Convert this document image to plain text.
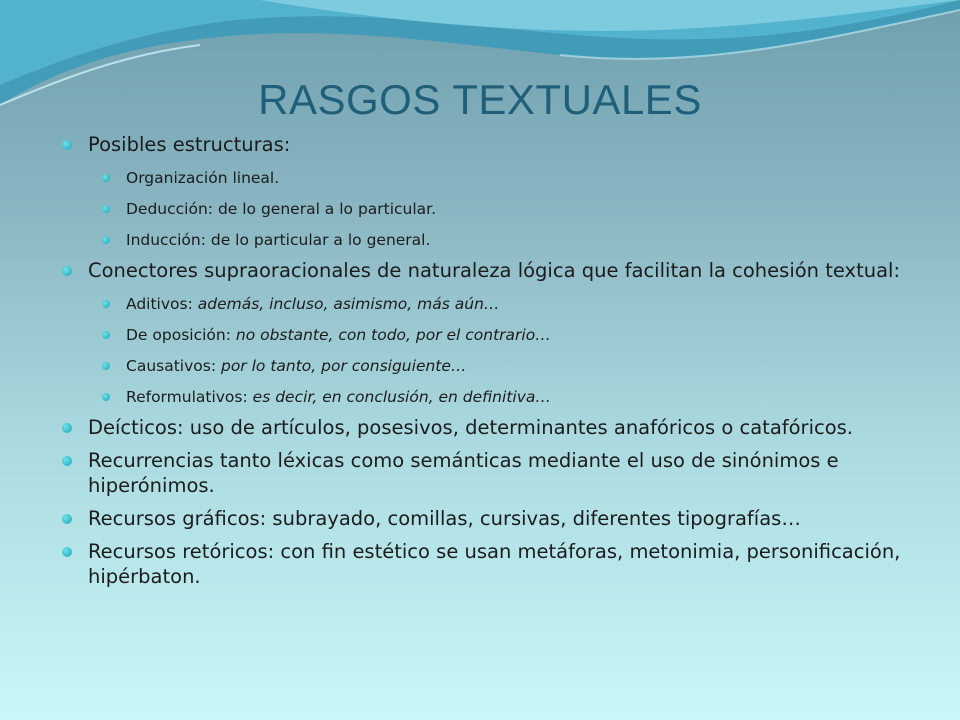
RASGOS TEXTUALES
Posibles estructuras:
Organización lineal.
Deducción: de lo general a lo particular.
Inducción: de lo particular a lo general.
Conectores supraoracionales de naturaleza lógica que facilitan la cohesión textual:
Aditivos: además, incluso, asimismo, más aún…
De oposición: no obstante, con todo, por el contrario…
Causativos: por lo tanto, por consiguiente…
Reformulativos: es decir, en conclusión, en definitiva…
Deícticos: uso de artículos, posesivos, determinantes anafóricos o catafóricos.
Recurrencias tanto léxicas como semánticas mediante el uso de sinónimos e hiperónimos.
Recursos gráficos: subrayado, comillas, cursivas, diferentes tipografías…
Recursos retóricos: con fin estético se usan metáforas, metonimia, personificación, hipérbaton.
